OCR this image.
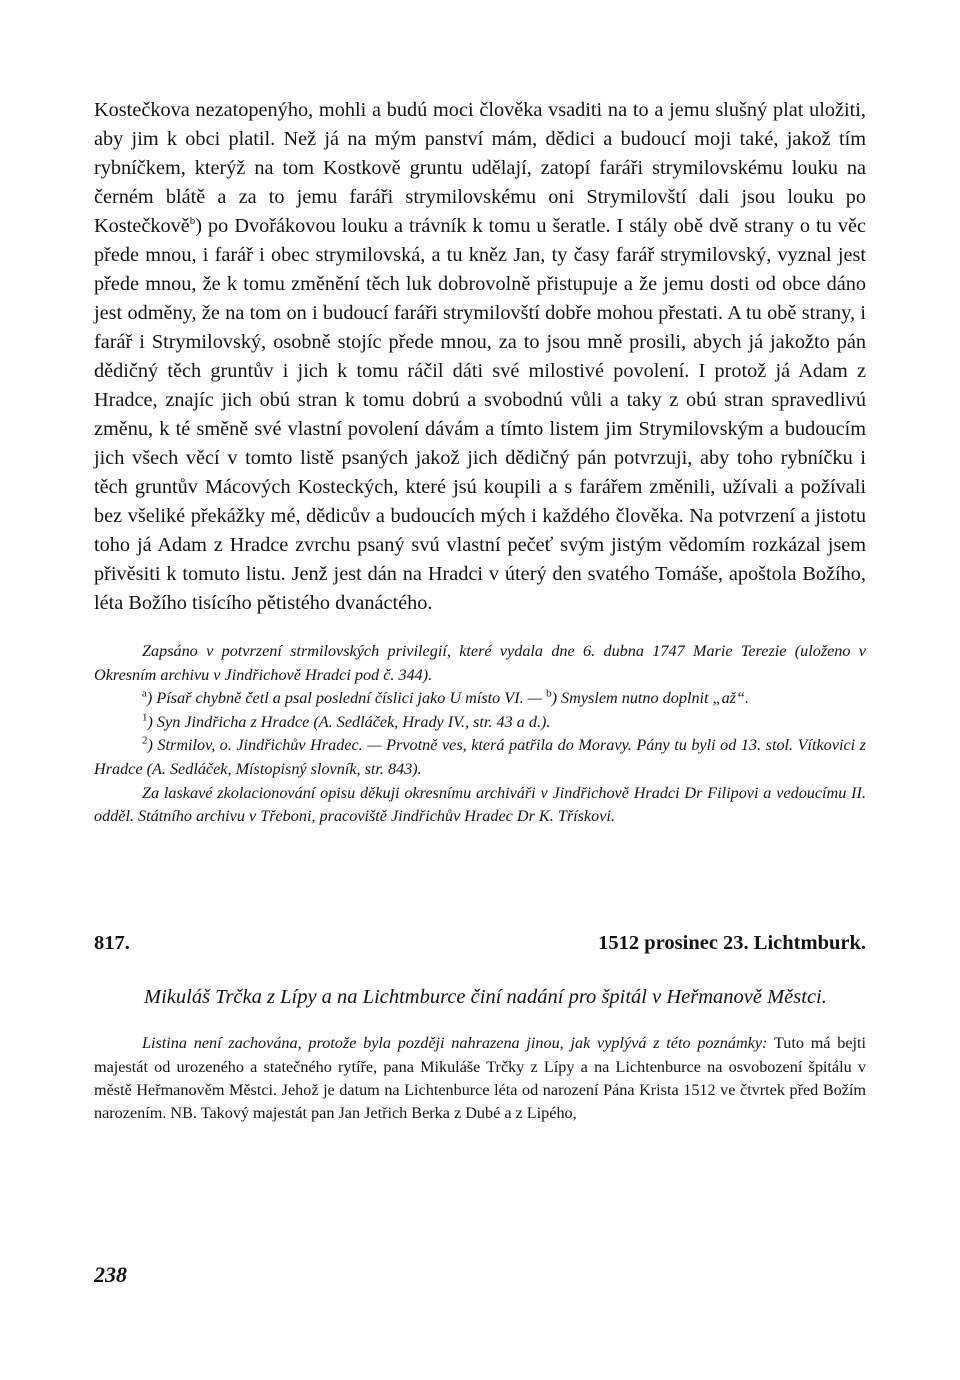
Kostečkova nezatopenýho, mohli a budú moci člověka vsaditi na to a jemu slušný plat uložiti, aby jim k obci platil. Než já na mým panství mám, dědici a budoucí moji také, jakož tím rybníčkem, kterýž na tom Kostkově gruntu udělají, zatopí faráři strymilovskému louku na černém blátě a za to jemu faráři strymilovskému oni Strymilovští dali jsou louku po Kostečkově$^b$) po Dvořákovou louku a trávník k tomu u šeratle. I stály obě dvě strany o tu věc přede mnou, i farář i obec strymilovská, a tu kněz Jan, ty časy farář strymilovský, vyznal jest přede mnou, že k tomu změnění těch luk dobrovolně přistupuje a že jemu dosti od obce dáno jest odměny, že na tom on i budoucí faráři strymilovští dobře mohou přestati. A tu obě strany, i farář i Strymilovský, osobně stojíc přede mnou, za to jsou mně prosili, abych já jakožto pán dědičný těch gruntův i jich k tomu ráčil dáti své milostivé povolení. I protož já Adam z Hradce, znajíc jich obú stran k tomu dobrú a svobodnú vůli a taky z obú stran spravedlivú změnu, k té směně své vlastní povolení dávám a tímto listem jim Strymilovským a budoucím jich všech věcí v tomto listě psaných jakož jich dědičný pán potvrzuji, aby toho rybníčku i těch gruntův Mácových Kosteckých, které jsú koupili a s farářem změnili, užívali a požívali bez všeliké překážky mé, dědicův a budoucích mých i každého člověka. Na potvrzení a jistotu toho já Adam z Hradce zvrchu psaný svú vlastní pečeť svým jistým vědomím rozkázal jsem přivěsiti k tomuto listu. Jenž jest dán na Hradci v úterý den svatého Tomáše, apoštola Božího, léta Božího tisícího pětistého dvanáctého.

Zapsáno v potvrzení strmilovských privilegií, které vydala dne 6. dubna 1747 Marie Terezie (uloženo v Okresním archivu v Jindřichově Hradci pod č. 344).

$^a$) Písař chybně četl a psal poslední číslici jako U místo VI. — $^b$) Smyslem nutno doplnit „až“.

$^1$) Syn Jindřicha z Hradce (A. Sedláček, Hrady IV., str. 43 a d.).

$^2$) Strmilov, o. Jindřichův Hradec. — Prvotně ves, která patřila do Moravy. Pány tu byli od 13. stol. Vítkovici z Hradce (A. Sedláček, Místopisný slovník, str. 843).

Za laskavé zkolacionování opisu děkuji okresnímu archiváři v Jindřichově Hradci Dr Filipovi a vedoucímu II. odděl. Státního archivu v Třeboni, pracoviště Jindřichův Hradec Dr K. Třískovi.

817.	1512 prosinec 23. Lichtmburk.

Mikuláš Trčka z Lípy a na Lichtmburce činí nadání pro špitál v Heřmanově Městci.

Listina není zachována, protože byla později nahrazena jinou, jak vyplývá z této poznámky: Tuto má bejti majestát od urozeného a statečného rytíře, pana Mikuláše Trčky z Lípy a na Lichtenburce na osvobození špitálu v městě Heřmanověm Městci. Jehož je datum na Lichtenburce léta od narození Pána Krista 1512 ve čtvrtek před Božím narozením. NB. Takový majestát pan Jan Jetřich Berka z Dubé a z Lipého,

238
